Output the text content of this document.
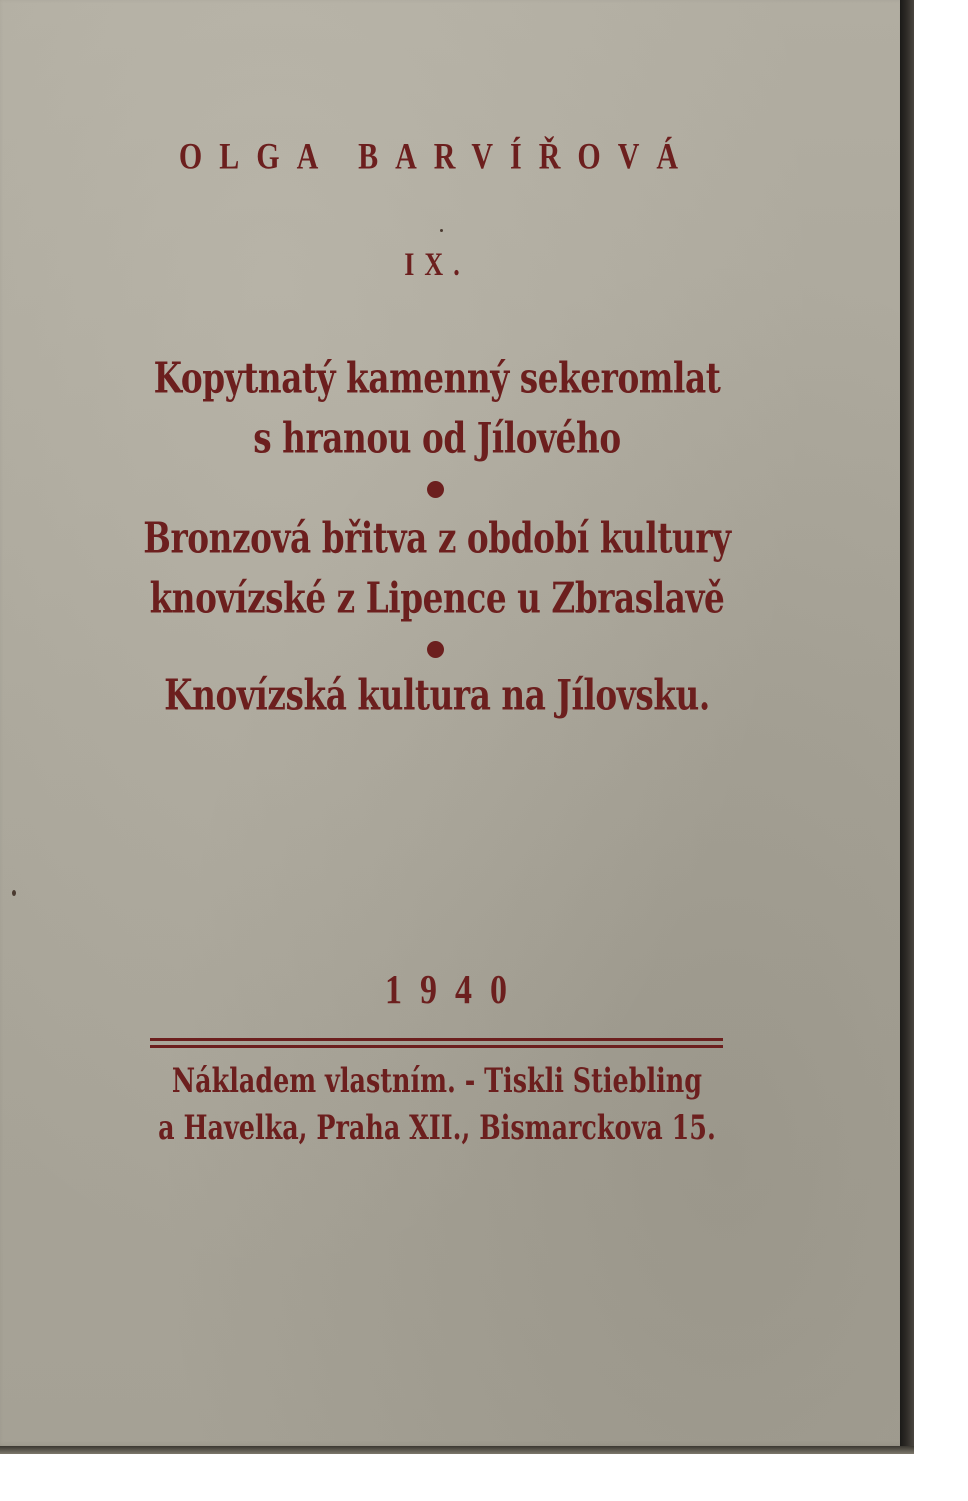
OLGA BARVÍŘOVÁ
IX.
Kopytnatý kamenný sekeromlat
s hranou od Jílového
Bronzová břitva z období kultury
knovízské z Lipence u Zbraslavě
Knovízská kultura na Jílovsku.
1940
Nákladem vlastním. - Tiskli Stiebling
a Havelka, Praha XII., Bismarckova 15.
